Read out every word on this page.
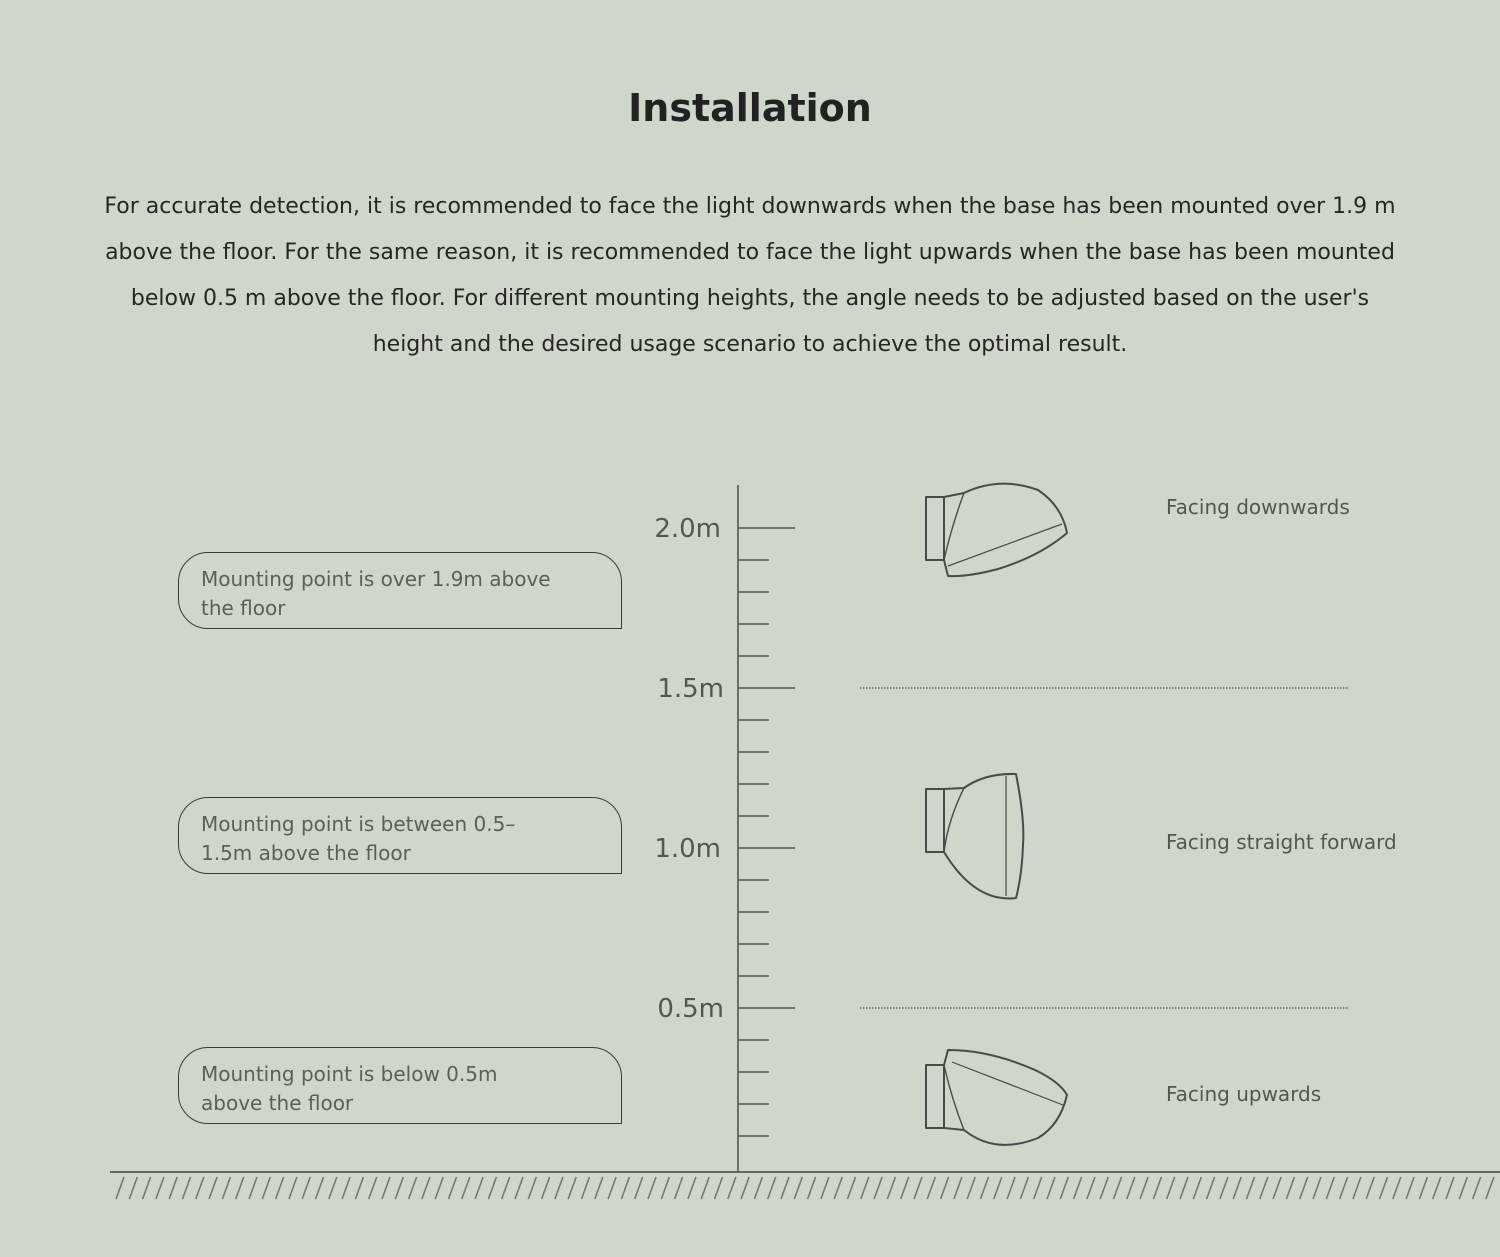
Installation

For accurate detection, it is recommended to face the light downwards when the base has been mounted over 1.9 m above the floor. For the same reason, it is recommended to face the light upwards when the base has been mounted below 0.5 m above the floor. For different mounting heights, the angle needs to be adjusted based on the user's height and the desired usage scenario to achieve the optimal result.

2.0m
1.5m
1.0m
0.5m
Mounting point is over 1.9m above the floor
Mounting point is between 0.5–1.5m above the floor
Mounting point is below 0.5m above the floor
Facing downwards
Facing straight forward
Facing upwards
